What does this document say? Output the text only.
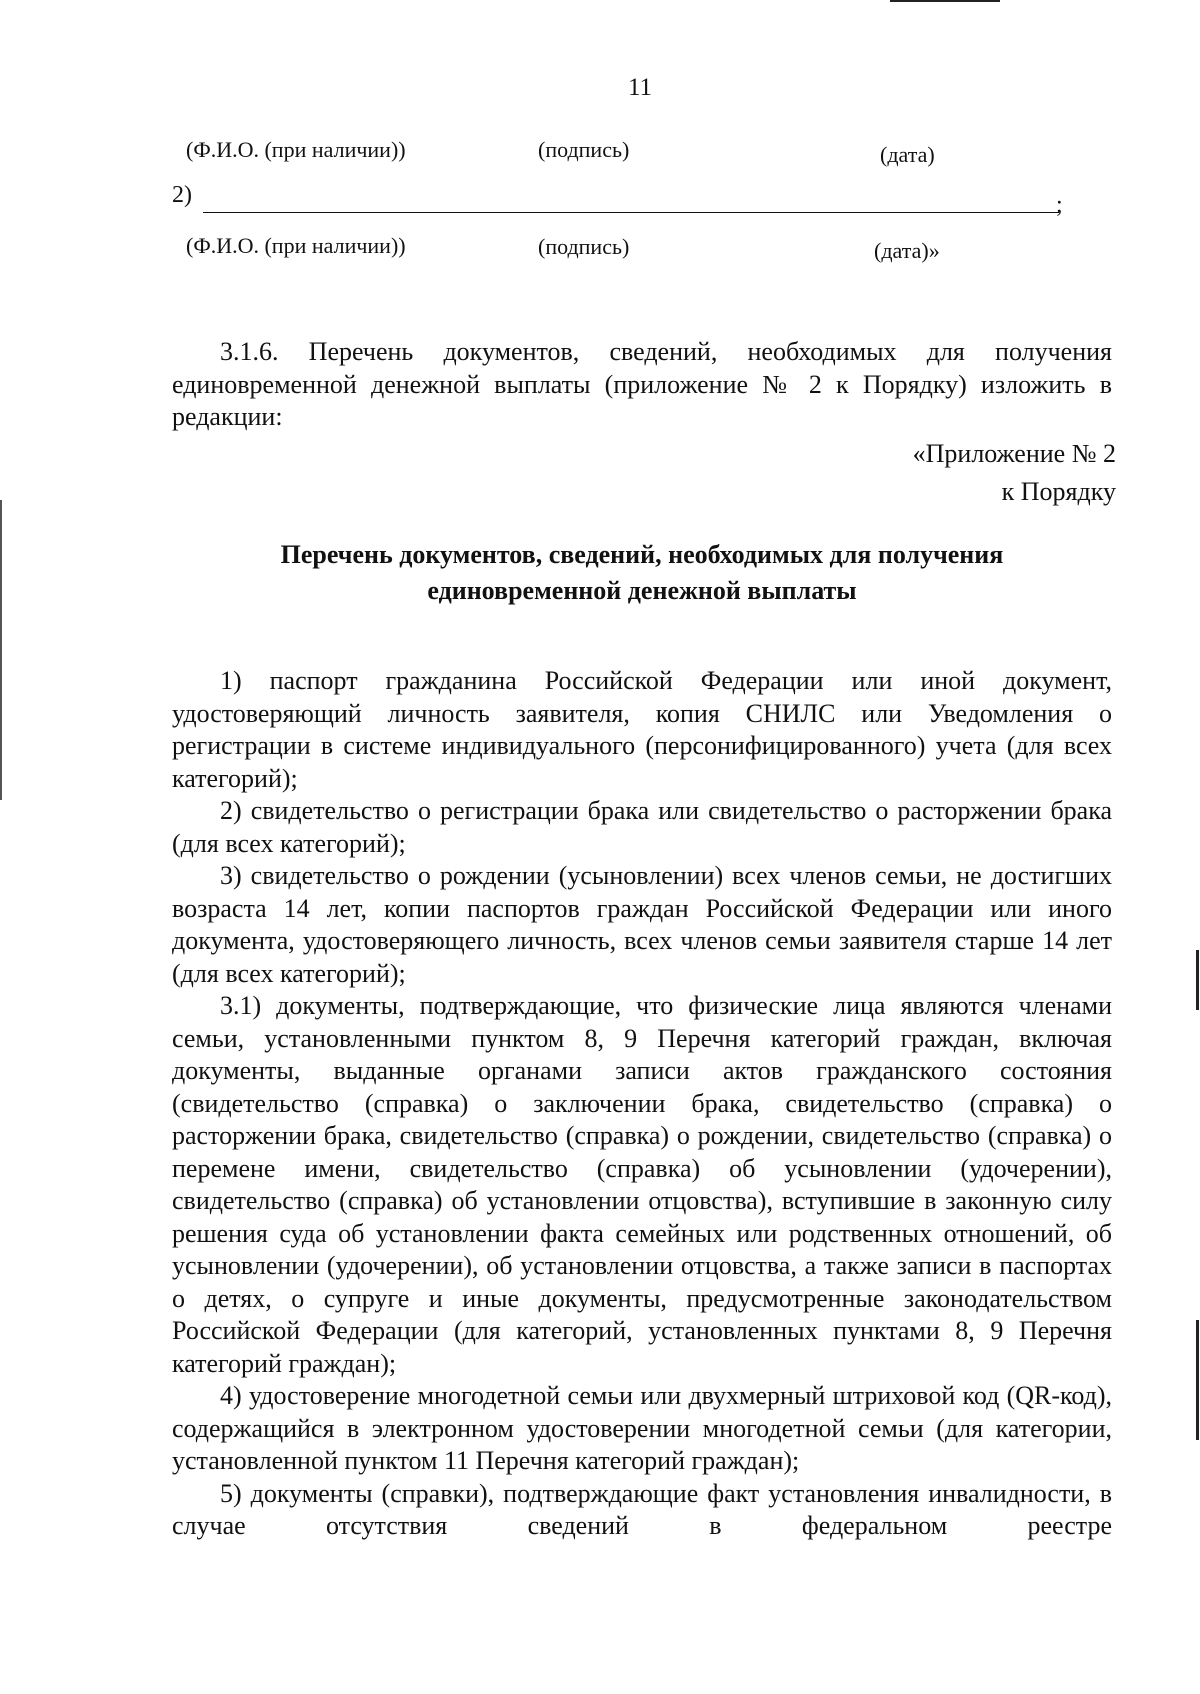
11
(Ф.И.О. (при наличии))	(подпись)	(дата)
2)	;
(Ф.И.О. (при наличии))	(подпись)	(дата)»

3.1.6. Перечень документов, сведений, необходимых для получения единовременной денежной выплаты (приложение № 2 к Порядку) изложить в редакции:

«Приложение № 2
к Порядку
Перечень документов, сведений, необходимых для получения
единовременной денежной выплаты

1) паспорт гражданина Российской Федерации или иной документ, удостоверяющий личность заявителя, копия СНИЛС или Уведомления о регистрации в системе индивидуального (персонифицированного) учета (для всех категорий);

2) свидетельство о регистрации брака или свидетельство о расторжении брака (для всех категорий);

3) свидетельство о рождении (усыновлении) всех членов семьи, не достигших возраста 14 лет, копии паспортов граждан Российской Федерации или иного документа, удостоверяющего личность, всех членов семьи заявителя старше 14 лет (для всех категорий);

3.1) документы, подтверждающие, что физические лица являются членами семьи, установленными пунктом 8, 9 Перечня категорий граждан, включая документы, выданные органами записи актов гражданского состояния (свидетельство (справка) о заключении брака, свидетельство (справка) о расторжении брака, свидетельство (справка) о рождении, свидетельство (справка) о перемене имени, свидетельство (справка) об усыновлении (удочерении), свидетельство (справка) об установлении отцовства), вступившие в законную силу решения суда об установлении факта семейных или родственных отношений, об усыновлении (удочерении), об установлении отцовства, а также записи в паспортах о детях, о супруге и иные документы, предусмотренные законодательством Российской Федерации (для категорий, установленных пунктами 8, 9 Перечня категорий граждан);

4) удостоверение многодетной семьи или двухмерный штриховой код (QR-код), содержащийся в электронном удостоверении многодетной семьи (для категории, установленной пунктом 11 Перечня категорий граждан);

5) документы (справки), подтверждающие факт установления инвалидности, в случае отсутствия сведений в федеральном реестре
